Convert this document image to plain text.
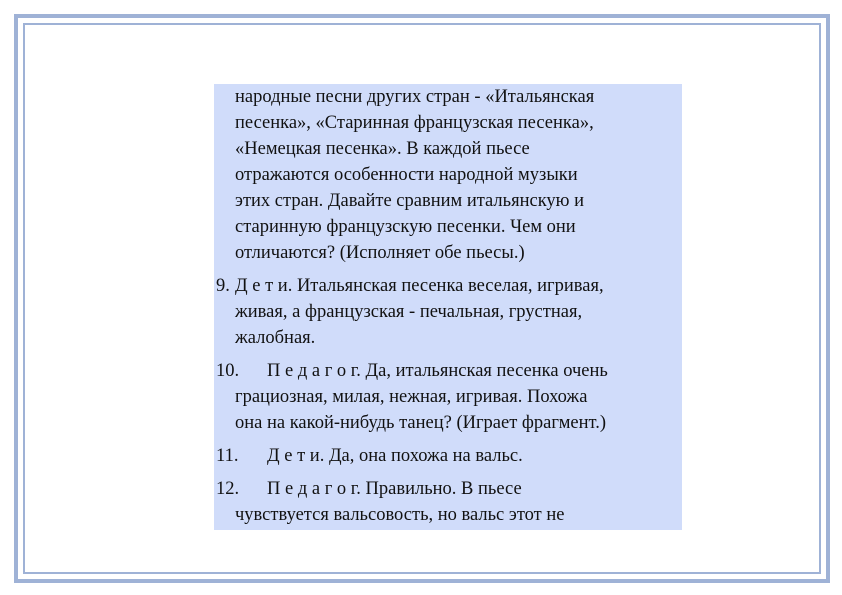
народные песни других стран - «Итальянская
песенка», «Старинная французская песенка»,
«Немецкая песенка». В каждой пьесе
отражаются особенности народной музыки
этих стран. Давайте сравним итальянскую и
старинную французскую песенки. Чем они
отличаются? (Исполняет обе пьесы.)
9. Д е т и. Итальянская песенка веселая, игривая,
живая, а французская - печальная, грустная,
жалобная.
10. П е д а г о г. Да, итальянская песенка очень
грациозная, милая, нежная, игривая. Похожа
она на какой-нибудь танец? (Играет фрагмент.)
11. Д е т и. Да, она похожа на вальс.
12. П е д а г о г. Правильно. В пьесе
чувствуется вальсовость, но вальс этот не
